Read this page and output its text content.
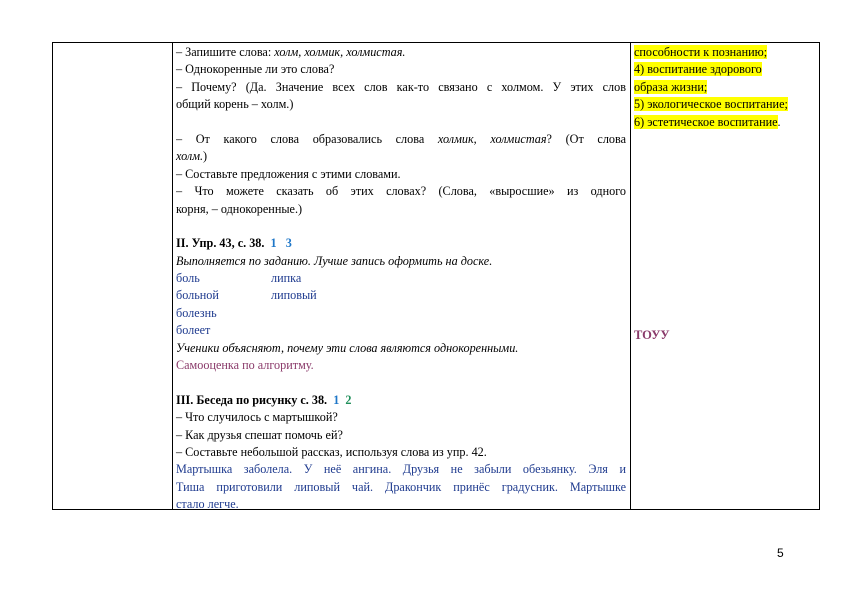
– Запишите слова: холм, холмик, холмистая.
– Однокоренные ли это слова?
– Почему? (Да. Значение всех слов как-то связано с холмом. У этих слов
общий корень – холм.)
– От какого слова образовались слова холмик, холмистая? (От слова
холм.)
– Составьте предложения с этими словами.
– Что можете сказать об этих словах? (Слова, «выросшие» из одного
корня, – однокоренные.)
II. Упр. 43, с. 38. 1 3
Выполняется по заданию. Лучше запись оформить на доске.
боль	липка
больной	липовый
болезнь
болеет
Ученики объясняют, почему эти слова являются однокоренными.
Самооценка по алгоритму.
III. Беседа по рисунку с. 38. 1 2
– Что случилось с мартышкой?
– Как друзья спешат помочь ей?
– Составьте небольшой рассказ, используя слова из упр. 42.
Мартышка заболела. У неё ангина. Друзья не забыли обезьянку. Эля и
Тиша приготовили липовый чай. Дракончик принёс градусник. Мартышке
стало легче.
способности к познанию;
4) воспитание здорового
образа жизни;
5) экологическое воспитание;
6) эстетическое воспитание.
ТОУУ
5
